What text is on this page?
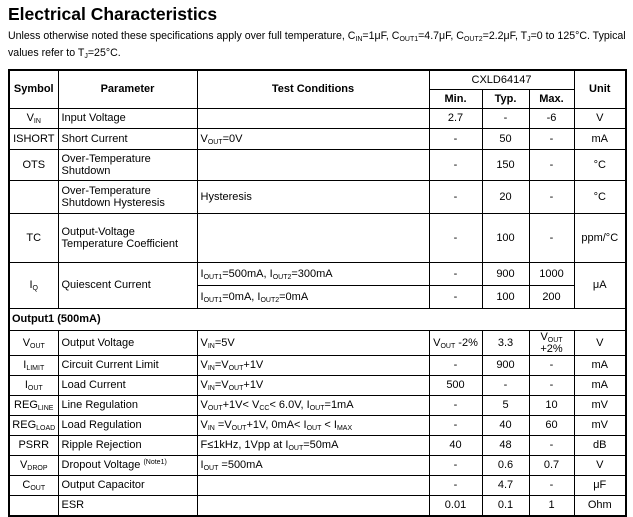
Electrical Characteristics

Unless otherwise noted these specifications apply over full temperature, $C_{IN}=1\mu F$, $C_{OUT1}=4.7\mu F$, $C_{OUT2}=2.2\mu F$, $T_J=0$ to 125°C. Typical values refer to $T_J=25^\circ C$.

Symbol	Parameter	Test Conditions	CXLD64147			Unit
			Min.	Typ.	Max.	
$V_{IN}$	Input Voltage		2.7	-	-6	V
ISHORT	Short Current	$V_{OUT}=0V$	-	50	-	mA
OTS	Over-Temperature Shutdown		-	150	-	°C
	Over-Temperature Shutdown Hysteresis	Hysteresis	-	20	-	°C
TC	Output-Voltage Temperature Coefficient		-	100	-	ppm/°C
$I_Q$	Quiescent Current	$I_{OUT1}=500mA$, $I_{OUT2}=300mA$	-	900	1000	μA
		$I_{OUT1}=0mA$, $I_{OUT2}=0mA$	-	100	200	
Output1 (500mA)						
$V_{OUT}$	Output Voltage	$V_{IN}=5V$	$V_{OUT}$ -2%	3.3	$V_{OUT} +2\%$	V
$I_{LIMIT}$	Circuit Current Limit	$V_{IN}=V_{OUT}+1V$	-	900	-	mA
$I_{OUT}$	Load Current	$V_{IN}=V_{OUT}+1V$	500	-	-	mA
$REG_{LINE}$	Line Regulation	$V_{OUT}+1V< V_{CC}< 6.0V$, $I_{OUT}=1mA$	-	5	10	mV
$REG_{LOAD}$	Load Regulation	$V_{IN} =V_{OUT}+1V$, $0mA< I_{OUT} < I_{MAX}$	-	40	60	mV
PSRR	Ripple Rejection	F≤1kHz, 1Vpp at $I_{OUT}=50mA$	40	48	-	dB
$V_{DROP}$	Dropout Voltage $^{(Note1)}$	$I_{OUT} =500mA$	-	0.6	0.7	V
$C_{OUT}$	Output Capacitor		-	4.7	-	μF
	ESR		0.01	0.1	1	Ohm
